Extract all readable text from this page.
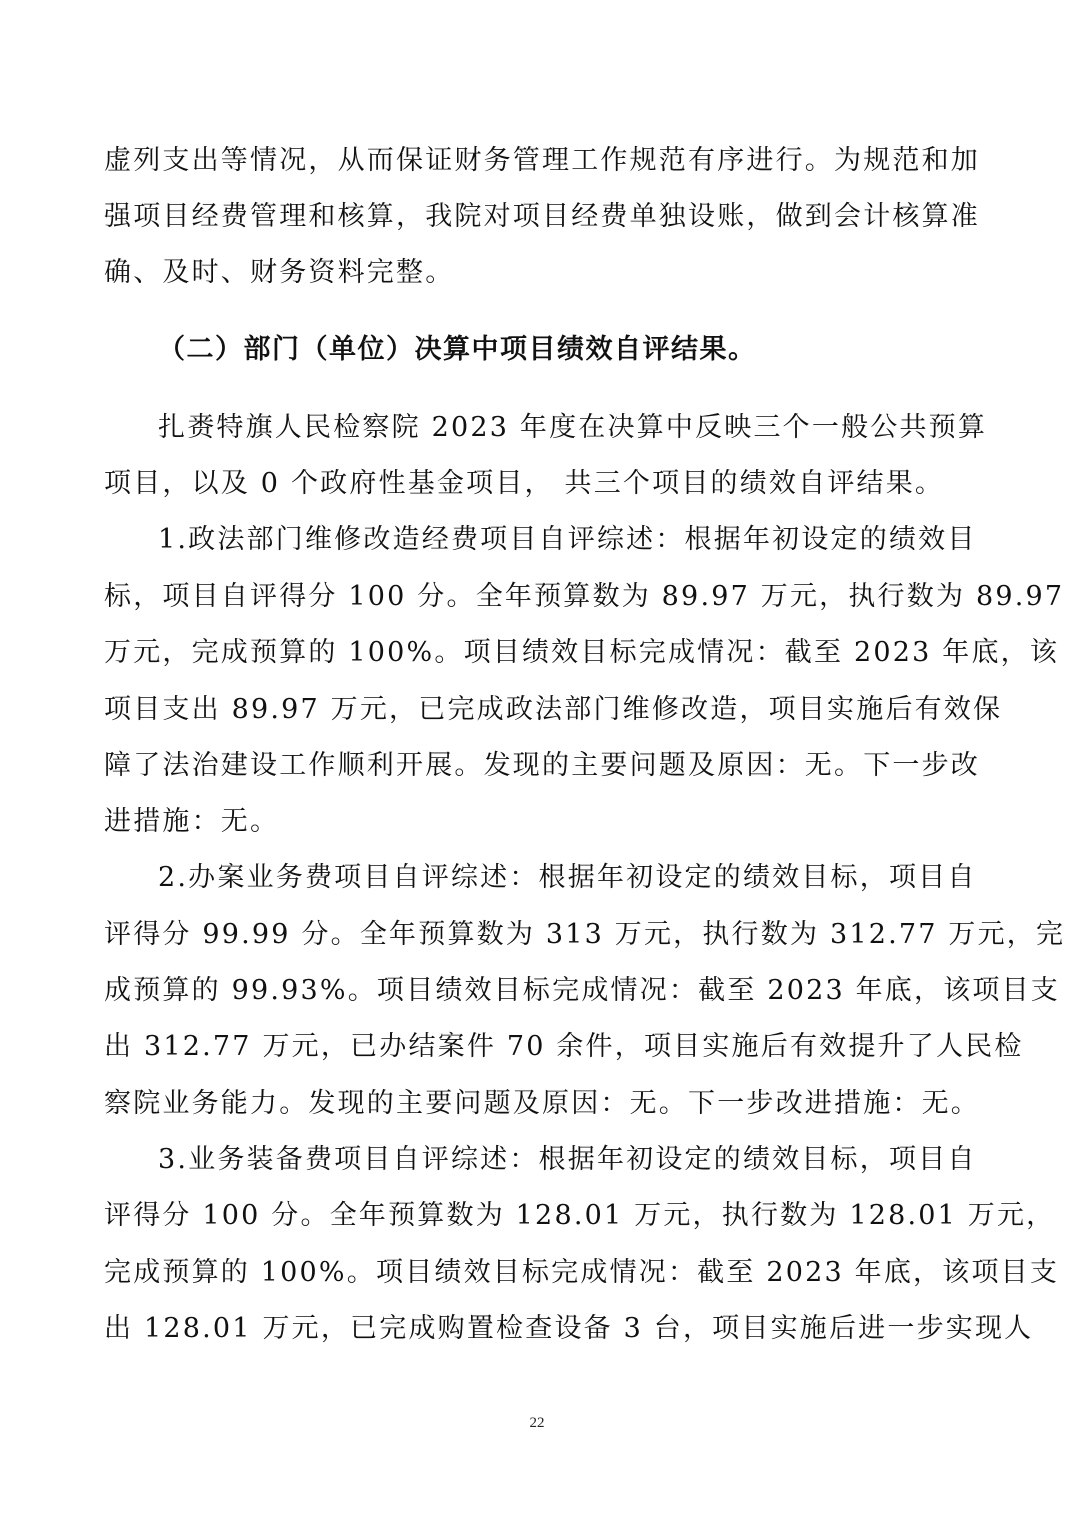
虚列支出等情况，从而保证财务管理工作规范有序进行。为规范和加
强项目经费管理和核算，我院对项目经费单独设账，做到会计核算准
确、及时、财务资料完整。
（二）部门（单位）决算中项目绩效自评结果。
扎赉特旗人民检察院 2023 年度在决算中反映三个一般公共预算
项目，以及 0 个政府性基金项目， 共三个项目的绩效自评结果。
1.政法部门维修改造经费项目自评综述：根据年初设定的绩效目
标，项目自评得分 100 分。全年预算数为 89.97 万元，执行数为 89.97
万元，完成预算的 100%。项目绩效目标完成情况：截至 2023 年底，该
项目支出 89.97 万元，已完成政法部门维修改造，项目实施后有效保
障了法治建设工作顺利开展。发现的主要问题及原因：无。下一步改
进措施：无。
2.办案业务费项目自评综述：根据年初设定的绩效目标，项目自
评得分 99.99 分。全年预算数为 313 万元，执行数为 312.77 万元，完
成预算的 99.93%。项目绩效目标完成情况：截至 2023 年底，该项目支
出 312.77 万元，已办结案件 70 余件，项目实施后有效提升了人民检
察院业务能力。发现的主要问题及原因：无。下一步改进措施：无。
3.业务装备费项目自评综述：根据年初设定的绩效目标，项目自
评得分 100 分。全年预算数为 128.01 万元，执行数为 128.01 万元，
完成预算的 100%。项目绩效目标完成情况：截至 2023 年底，该项目支
出 128.01 万元，已完成购置检查设备 3 台，项目实施后进一步实现人
22
